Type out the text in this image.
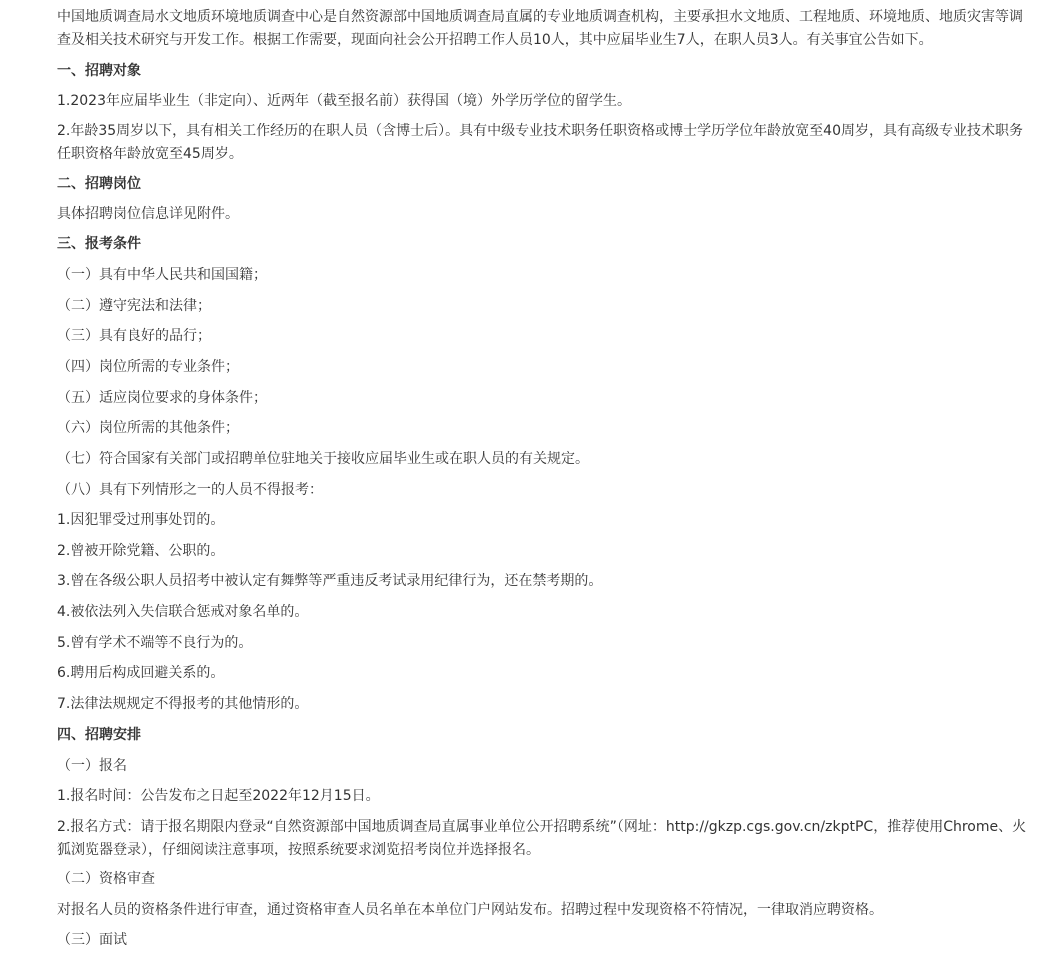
中国地质调查局水文地质环境地质调查中心是自然资源部中国地质调查局直属的专业地质调查机构，主要承担水文地质、工程地质、环境地质、地质灾害等调查及相关技术研究与开发工作。根据工作需要，现面向社会公开招聘工作人员10人，其中应届毕业生7人，在职人员3人。有关事宜公告如下。

一、招聘对象

1.2023年应届毕业生（非定向）、近两年（截至报名前）获得国（境）外学历学位的留学生。

2.年龄35周岁以下，具有相关工作经历的在职人员（含博士后）。具有中级专业技术职务任职资格或博士学历学位年龄放宽至40周岁，具有高级专业技术职务任职资格年龄放宽至45周岁。

二、招聘岗位

具体招聘岗位信息详见附件。

三、报考条件

（一）具有中华人民共和国国籍；

（二）遵守宪法和法律；

（三）具有良好的品行；

（四）岗位所需的专业条件；

（五）适应岗位要求的身体条件；

（六）岗位所需的其他条件；

（七）符合国家有关部门或招聘单位驻地关于接收应届毕业生或在职人员的有关规定。

（八）具有下列情形之一的人员不得报考：

1.因犯罪受过刑事处罚的。

2.曾被开除党籍、公职的。

3.曾在各级公职人员招考中被认定有舞弊等严重违反考试录用纪律行为，还在禁考期的。

4.被依法列入失信联合惩戒对象名单的。

5.曾有学术不端等不良行为的。

6.聘用后构成回避关系的。

7.法律法规规定不得报考的其他情形的。

四、招聘安排

（一）报名

1.报名时间：公告发布之日起至2022年12月15日。

2.报名方式：请于报名期限内登录“自然资源部中国地质调查局直属事业单位公开招聘系统”（网址：http://gkzp.cgs.gov.cn/zkptPC，推荐使用Chrome、火狐浏览器登录），仔细阅读注意事项，按照系统要求浏览招考岗位并选择报名。

（二）资格审查

对报名人员的资格条件进行审查，通过资格审查人员名单在本单位门户网站发布。招聘过程中发现资格不符情况，一律取消应聘资格。

（三）面试
